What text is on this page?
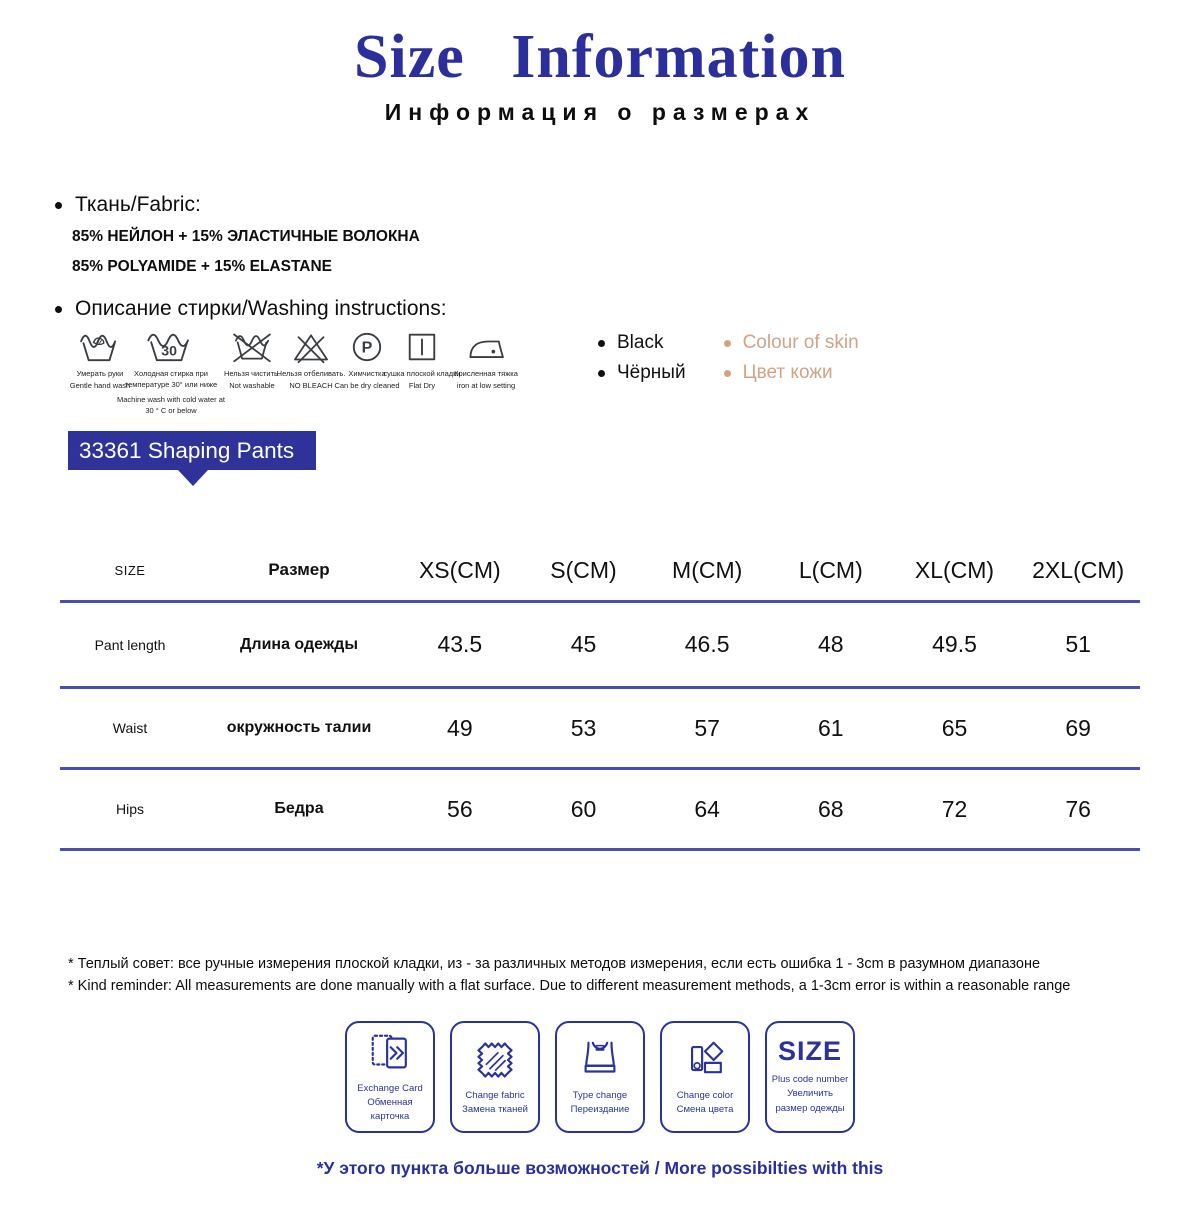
Size Information
Информация о размерах
Ткань/Fabric:
85% НЕЙЛОН + 15% ЭЛАСТИЧНЫЕ ВОЛОКНА
85% POLYAMIDE + 15% ELASTANE
Описание стирки/Washing instructions:
Умерать руки
Gentle hand wash
30
Холодная стирка при температуре 30° или ниже
Machine wash with cold water at 30 ° C or below
Нельзя чистить.
Not washable
Нельзя отбеливать.
NO BLEACH
P
Химчистка
Can be dry cleaned
сушка плоской кладки
Flat Dry
Крисленная тяжка
iron at low setting
Black
Чёрный
Colour of skin
Цвет кожи
33361 Shaping Pants
SIZE	Размер	XS(CM)	S(CM)	M(CM)	L(CM)	XL(CM)	2XL(CM)
Pant length	Длина одежды	43.5	45	46.5	48	49.5	51
Waist	окружность талии	49	53	57	61	65	69
Hips	Бедра	56	60	64	68	72	76
* Теплый совет: все ручные измерения плоской кладки, из - за различных методов измерения, если есть ошибка 1 - 3cm в разумном диапазоне
* Kind reminder: All measurements are done manually with a flat surface. Due to different measurement methods, a 1-3cm error is within a reasonable range
Exchange Card
Обменная карточка
Change fabric
Замена тканей
Type change
Переиздание
Change color
Смена цвета
SIZE
Plus code number
Увеличить размер одежды
*У этого пункта больше возможностей / More possibilties with this
